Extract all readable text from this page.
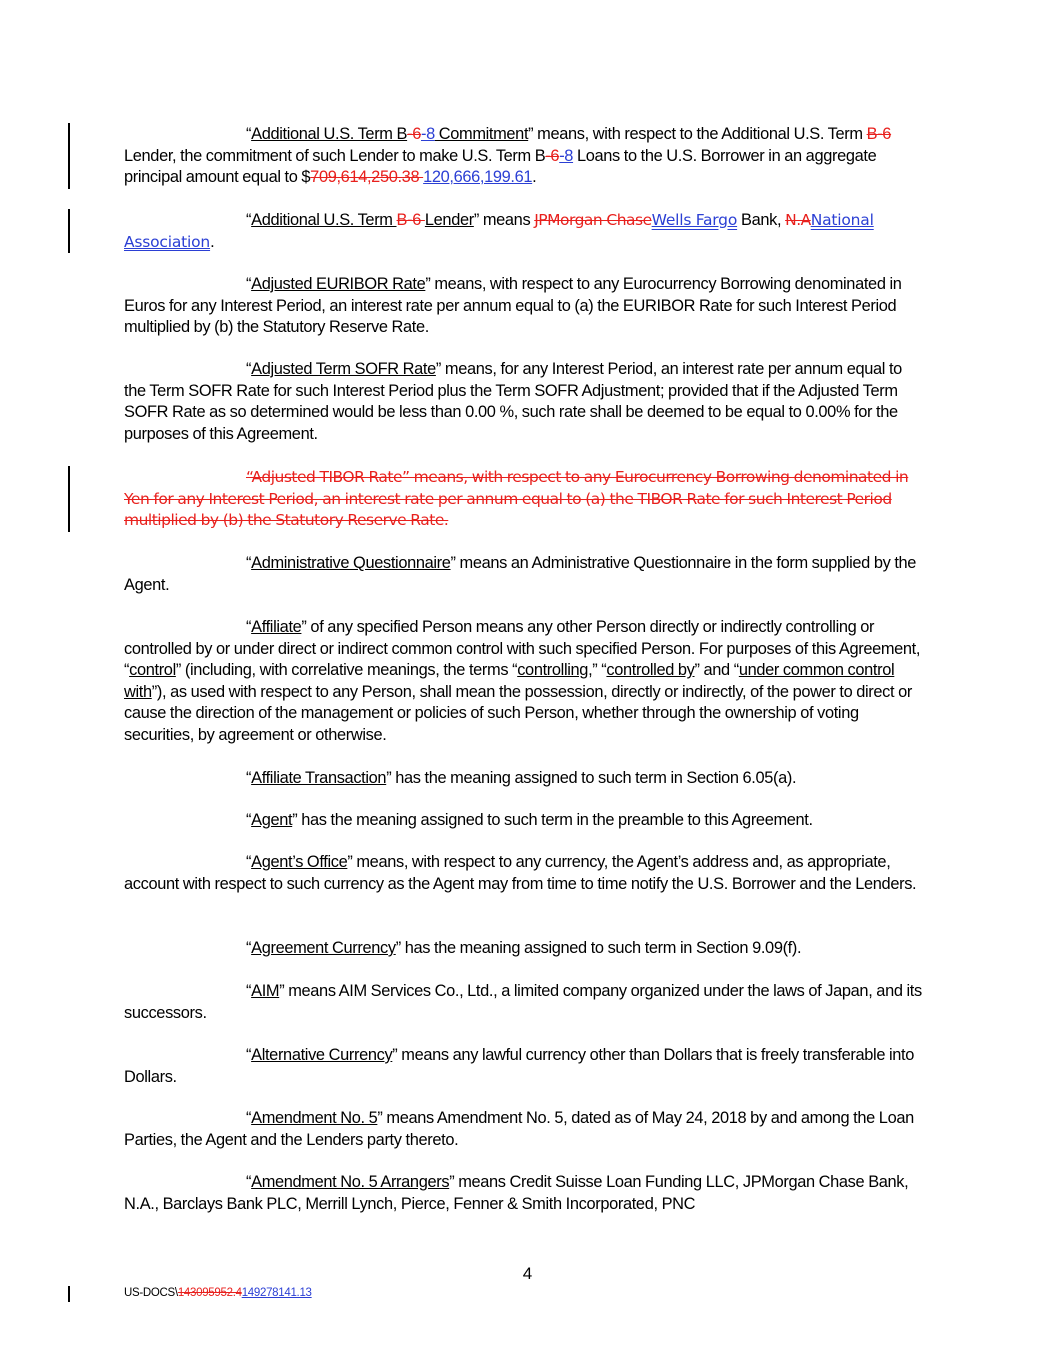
“Additional U.S. Term B-6-8 Commitment” means, with respect to the Additional U.S. Term B-6 Lender, the commitment of such Lender to make U.S. Term B-6-8 Loans to the U.S. Borrower in an aggregate principal amount equal to $709,614,250.38 120,666,199.61.
“Additional U.S. Term B-6 Lender” means JPMorgan ChaseWells Fargo Bank, N.ANational Association.
“Adjusted EURIBOR Rate” means, with respect to any Eurocurrency Borrowing denominated in Euros for any Interest Period, an interest rate per annum equal to (a) the EURIBOR Rate for such Interest Period multiplied by (b) the Statutory Reserve Rate.
“Adjusted Term SOFR Rate” means, for any Interest Period, an interest rate per annum equal to the Term SOFR Rate for such Interest Period plus the Term SOFR Adjustment; provided that if the Adjusted Term SOFR Rate as so determined would be less than 0.00 %, such rate shall be deemed to be equal to 0.00% for the purposes of this Agreement.
“Adjusted TIBOR Rate” means, with respect to any Eurocurrency Borrowing denominated in Yen for any Interest Period, an interest rate per annum equal to (a) the TIBOR Rate for such Interest Period multiplied by (b) the Statutory Reserve Rate.
“Administrative Questionnaire” means an Administrative Questionnaire in the form supplied by the Agent.
“Affiliate” of any specified Person means any other Person directly or indirectly controlling or controlled by or under direct or indirect common control with such specified Person. For purposes of this Agreement, “control” (including, with correlative meanings, the terms “controlling,” “controlled by” and “under common control with”), as used with respect to any Person, shall mean the possession, directly or indirectly, of the power to direct or cause the direction of the management or policies of such Person, whether through the ownership of voting securities, by agreement or otherwise.
“Affiliate Transaction” has the meaning assigned to such term in Section 6.05(a).
“Agent” has the meaning assigned to such term in the preamble to this Agreement.
“Agent’s Office” means, with respect to any currency, the Agent’s address and, as appropriate, account with respect to such currency as the Agent may from time to time notify the U.S. Borrower and the Lenders.
“Agreement Currency” has the meaning assigned to such term in Section 9.09(f).
“AIM” means AIM Services Co., Ltd., a limited company organized under the laws of Japan, and its successors.
“Alternative Currency” means any lawful currency other than Dollars that is freely transferable into Dollars.
“Amendment No. 5” means Amendment No. 5, dated as of May 24, 2018 by and among the Loan Parties, the Agent and the Lenders party thereto.
“Amendment No. 5 Arrangers” means Credit Suisse Loan Funding LLC, JPMorgan Chase Bank, N.A., Barclays Bank PLC, Merrill Lynch, Pierce, Fenner & Smith Incorporated, PNC
4
US-DOCS\143095952.4149278141.13
